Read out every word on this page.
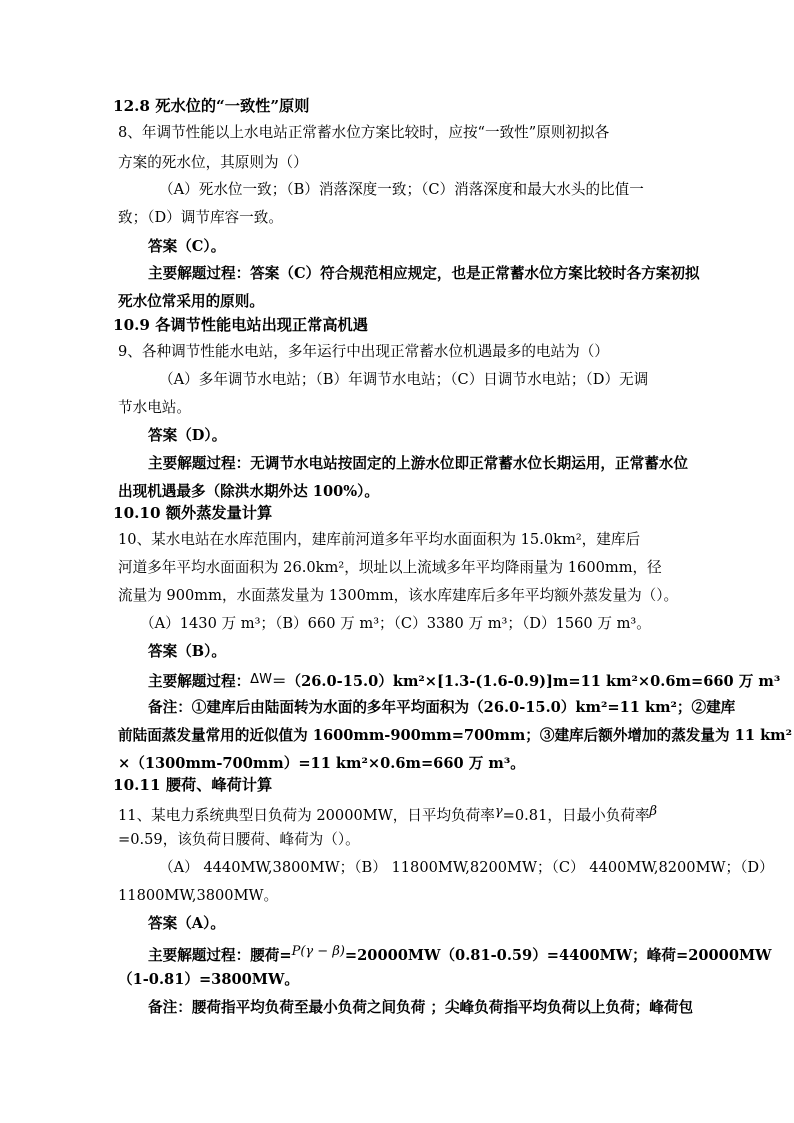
12.8 死水位的“一致性”原则
8、年调节性能以上水电站正常蓄水位方案比较时，应按“一致性”原则初拟各
方案的死水位，其原则为（）
（A）死水位一致；（B）消落深度一致；（C）消落深度和最大水头的比值一
致；（D）调节库容一致。
答案（C）。
主要解题过程：答案（C）符合规范相应规定，也是正常蓄水位方案比较时各方案初拟
死水位常采用的原则。
10.9 各调节性能电站出现正常高机遇
9、各种调节性能水电站，多年运行中出现正常蓄水位机遇最多的电站为（）
（A）多年调节水电站；（B）年调节水电站；（C）日调节水电站；（D）无调
节水电站。
答案（D）。
主要解题过程：无调节水电站按固定的上游水位即正常蓄水位长期运用，正常蓄水位
出现机遇最多（除洪水期外达 100%）。
10.10 额外蒸发量计算
10、某水电站在水库范围内，建库前河道多年平均水面面积为 15.0km²，建库后
河道多年平均水面面积为 26.0km²，坝址以上流域多年平均降雨量为 1600mm，径
流量为 900mm，水面蒸发量为 1300mm，该水库建库后多年平均额外蒸发量为（）。
（A）1430 万 m³；（B）660 万 m³；（C）3380 万 m³；（D）1560 万 m³。
答案（B）。
主要解题过程：ΔW＝（26.0-15.0）km²×[1.3-(1.6-0.9)]m=11 km²×0.6m=660 万 m³
备注：①建库后由陆面转为水面的多年平均面积为（26.0-15.0）km²=11 km²；②建库
前陆面蒸发量常用的近似值为 1600mm-900mm=700mm；③建库后额外增加的蒸发量为 11 km²
×（1300mm-700mm）=11 km²×0.6m=660 万 m³。
10.11 腰荷、峰荷计算
11、某电力系统典型日负荷为 20000MW，日平均负荷率γ=0.81，日最小负荷率β
=0.59，该负荷日腰荷、峰荷为（）。
（A） 4440MW,3800MW；（B） 11800MW,8200MW；（C） 4400MW,8200MW；（D）
11800MW,3800MW。
答案（A）。
主要解题过程：腰荷=P(γ − β)=20000MW（0.81-0.59）=4400MW；峰荷=20000MW
（1-0.81）=3800MW。
备注：腰荷指平均负荷至最小负荷之间负荷 ；尖峰负荷指平均负荷以上负荷；峰荷包
